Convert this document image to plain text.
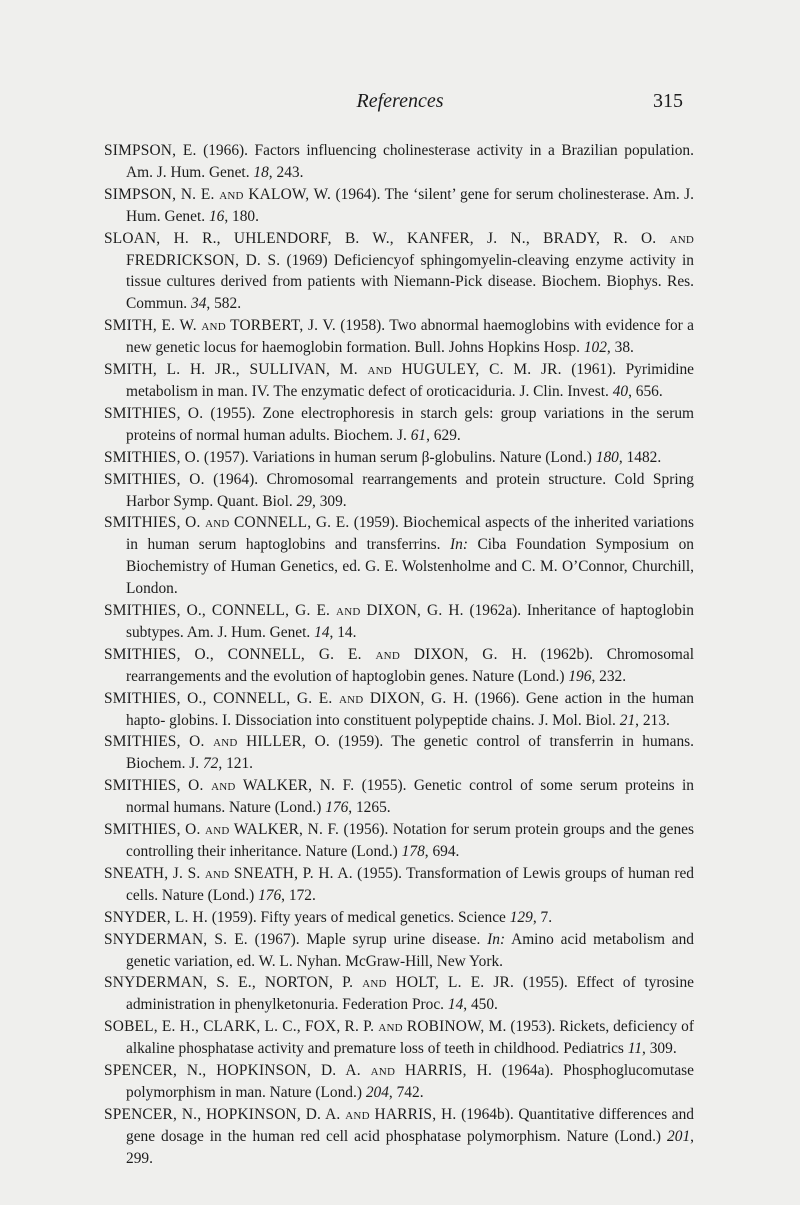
References	315

SIMPSON, E. (1966). Factors influencing cholinesterase activity in a Brazilian population. Am. J. Hum. Genet. 18, 243.

SIMPSON, N. E. and KALOW, W. (1964). The ‘silent’ gene for serum cholinesterase. Am. J. Hum. Genet. 16, 180.

SLOAN, H. R., UHLENDORF, B. W., KANFER, J. N., BRADY, R. O. and FREDRICKSON, D. S. (1969) Deficiencyof sphingomyelin-cleaving enzyme activity in tissue cultures derived from patients with Niemann-Pick disease. Biochem. Biophys. Res. Commun. 34, 582.

SMITH, E. W. and TORBERT, J. V. (1958). Two abnormal haemoglobins with evidence for a new genetic locus for haemoglobin formation. Bull. Johns Hopkins Hosp. 102, 38.

SMITH, L. H. JR., SULLIVAN, M. and HUGULEY, C. M. JR. (1961). Pyrimidine metabolism in man. IV. The enzymatic defect of oroticaciduria. J. Clin. Invest. 40, 656.

SMITHIES, O. (1955). Zone electrophoresis in starch gels: group variations in the serum proteins of normal human adults. Biochem. J. 61, 629.

SMITHIES, O. (1957). Variations in human serum β-globulins. Nature (Lond.) 180, 1482.

SMITHIES, O. (1964). Chromosomal rearrangements and protein structure. Cold Spring Harbor Symp. Quant. Biol. 29, 309.

SMITHIES, O. and CONNELL, G. E. (1959). Biochemical aspects of the inherited variations in human serum haptoglobins and transferrins. In: Ciba Foundation Symposium on Biochemistry of Human Genetics, ed. G. E. Wolstenholme and C. M. O’Connor, Churchill, London.

SMITHIES, O., CONNELL, G. E. and DIXON, G. H. (1962a). Inheritance of haptoglobin subtypes. Am. J. Hum. Genet. 14, 14.

SMITHIES, O., CONNELL, G. E. and DIXON, G. H. (1962b). Chromosomal rearrangements and the evolution of haptoglobin genes. Nature (Lond.) 196, 232.

SMITHIES, O., CONNELL, G. E. and DIXON, G. H. (1966). Gene action in the human hapto- globins. I. Dissociation into constituent polypeptide chains. J. Mol. Biol. 21, 213.

SMITHIES, O. and HILLER, O. (1959). The genetic control of transferrin in humans. Biochem. J. 72, 121.

SMITHIES, O. and WALKER, N. F. (1955). Genetic control of some serum proteins in normal humans. Nature (Lond.) 176, 1265.

SMITHIES, O. and WALKER, N. F. (1956). Notation for serum protein groups and the genes controlling their inheritance. Nature (Lond.) 178, 694.

SNEATH, J. S. and SNEATH, P. H. A. (1955). Transformation of Lewis groups of human red cells. Nature (Lond.) 176, 172.

SNYDER, L. H. (1959). Fifty years of medical genetics. Science 129, 7.

SNYDERMAN, S. E. (1967). Maple syrup urine disease. In: Amino acid metabolism and genetic variation, ed. W. L. Nyhan. McGraw-Hill, New York.

SNYDERMAN, S. E., NORTON, P. and HOLT, L. E. JR. (1955). Effect of tyrosine administration in phenylketonuria. Federation Proc. 14, 450.

SOBEL, E. H., CLARK, L. C., FOX, R. P. and ROBINOW, M. (1953). Rickets, deficiency of alkaline phosphatase activity and premature loss of teeth in childhood. Pediatrics 11, 309.

SPENCER, N., HOPKINSON, D. A. and HARRIS, H. (1964a). Phosphoglucomutase polymorphism in man. Nature (Lond.) 204, 742.

SPENCER, N., HOPKINSON, D. A. and HARRIS, H. (1964b). Quantitative differences and gene dosage in the human red cell acid phosphatase polymorphism. Nature (Lond.) 201, 299.
